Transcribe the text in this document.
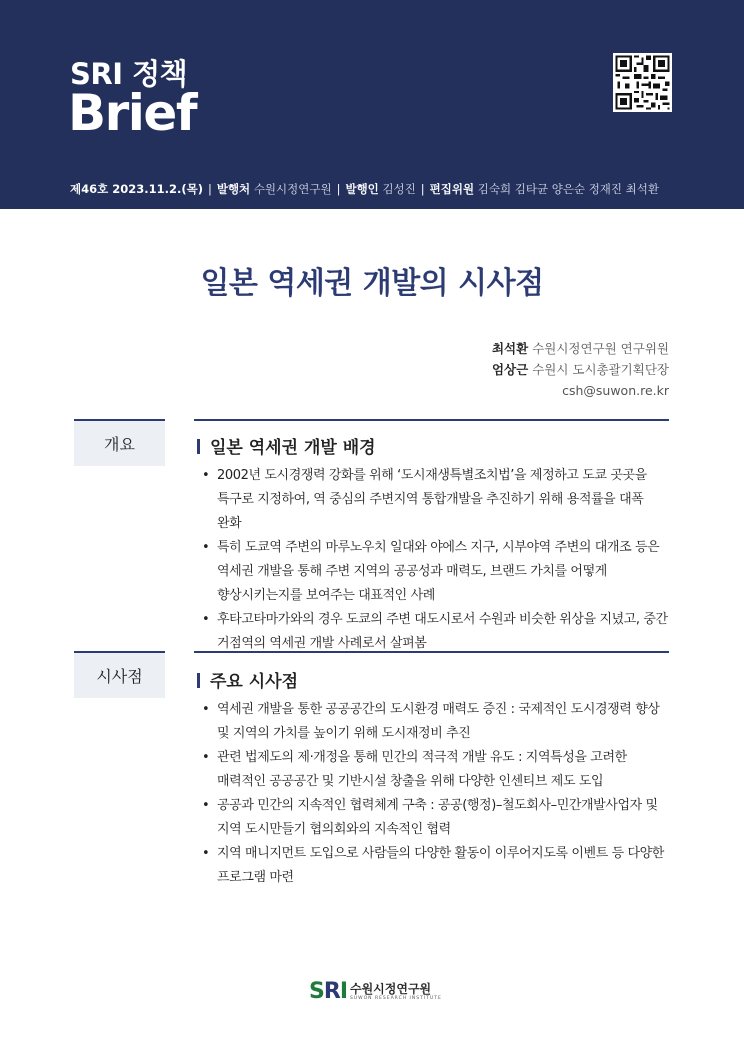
SRI 정책
Brief
제46호 2023.11.2.(목) | 발행처 수원시정연구원 | 발행인 김성진 | 편집위원 김숙희 김타균 양은순 정재진 최석환
일본 역세권 개발의 시사점
최석환 수원시정연구원 연구위원
엄상근 수원시 도시총괄기획단장
csh@suwon.re.kr
개요	일본 역세권 개발 배경
• 2002년 도시경쟁력 강화를 위해 ‘도시재생특별조치법’을 제정하고 도쿄 곳곳을 특구로 지정하여, 역 중심의 주변지역 통합개발을 추진하기 위해 용적률을 대폭 완화
• 특히 도쿄역 주변의 마루노우치 일대와 야에스 지구, 시부야역 주변의 대개조 등은 역세권 개발을 통해 주변 지역의 공공성과 매력도, 브랜드 가치를 어떻게 향상시키는지를 보여주는 대표적인 사례
• 후타고타마가와의 경우 도쿄의 주변 대도시로서 수원과 비슷한 위상을 지녔고, 중간 거점역의 역세권 개발 사례로서 살펴봄
시사점	주요 시사점
• 역세권 개발을 통한 공공공간의 도시환경 매력도 증진 : 국제적인 도시경쟁력 향상 및 지역의 가치를 높이기 위해 도시재정비 추진
• 관련 법제도의 제·개정을 통해 민간의 적극적 개발 유도 : 지역특성을 고려한 매력적인 공공공간 및 기반시설 창출을 위해 다양한 인센티브 제도 도입
• 공공과 민간의 지속적인 협력체계 구축 : 공공(행정)–철도회사–민간개발사업자 및 지역 도시만들기 협의회와의 지속적인 협력
• 지역 매니지먼트 도입으로 사람들의 다양한 활동이 이루어지도록 이벤트 등 다양한 프로그램 마련
SRI 수원시정연구원
SUWON RESEARCH INSTITUTE
